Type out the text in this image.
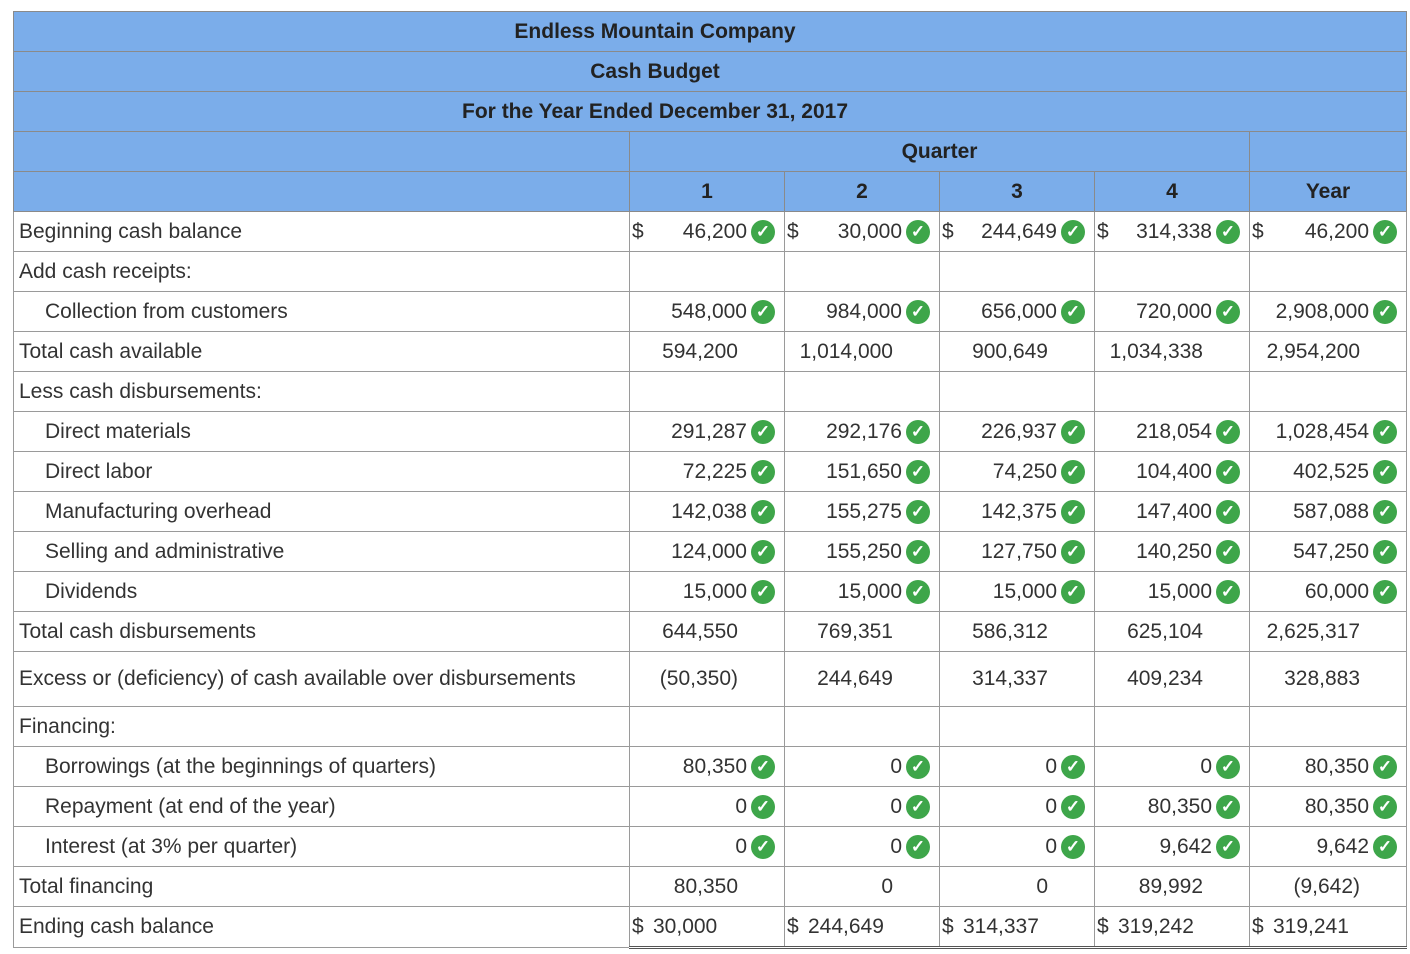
Endless Mountain Company					
Cash Budget					
For the Year Ended December 31, 2017					
	Quarter				
	1	2	3	4	Year
Beginning cash balance	$ 46,200 ✓	$ 30,000 ✓	$ 244,649 ✓	$ 314,338 ✓	$ 46,200 ✓

Add cash receipts:					
Collection from customers	548,000 ✓	984,000 ✓	656,000 ✓	720,000 ✓	2,908,000 ✓

Total cash available	594,200	1,014,000	900,649	1,034,338	2,954,200

Less cash disbursements:					
Direct materials	291,287 ✓	292,176 ✓	226,937 ✓	218,054 ✓	1,028,454 ✓

Direct labor	72,225 ✓	151,650 ✓	74,250 ✓	104,400 ✓	402,525 ✓

Manufacturing overhead	142,038 ✓	155,275 ✓	142,375 ✓	147,400 ✓	587,088 ✓

Selling and administrative	124,000 ✓	155,250 ✓	127,750 ✓	140,250 ✓	547,250 ✓

Dividends	15,000 ✓	15,000 ✓	15,000 ✓	15,000 ✓	60,000 ✓

Total cash disbursements	644,550	769,351	586,312	625,104	2,625,317

Excess or (deficiency) of cash available over disbursements	(50,350)	244,649	314,337	409,234	328,883

Financing:					
Borrowings (at the beginnings of quarters)	80,350 ✓	0 ✓	0 ✓	0 ✓	80,350 ✓

Repayment (at end of the year)	0 ✓	0 ✓	0 ✓	80,350 ✓	80,350 ✓

Interest (at 3% per quarter)	0 ✓	0 ✓	0 ✓	9,642 ✓	9,642 ✓

Total financing	80,350	0	0	89,992	(9,642)

Ending cash balance	$ 30,000	$ 244,649	$ 314,337	$ 319,242	$ 319,241
